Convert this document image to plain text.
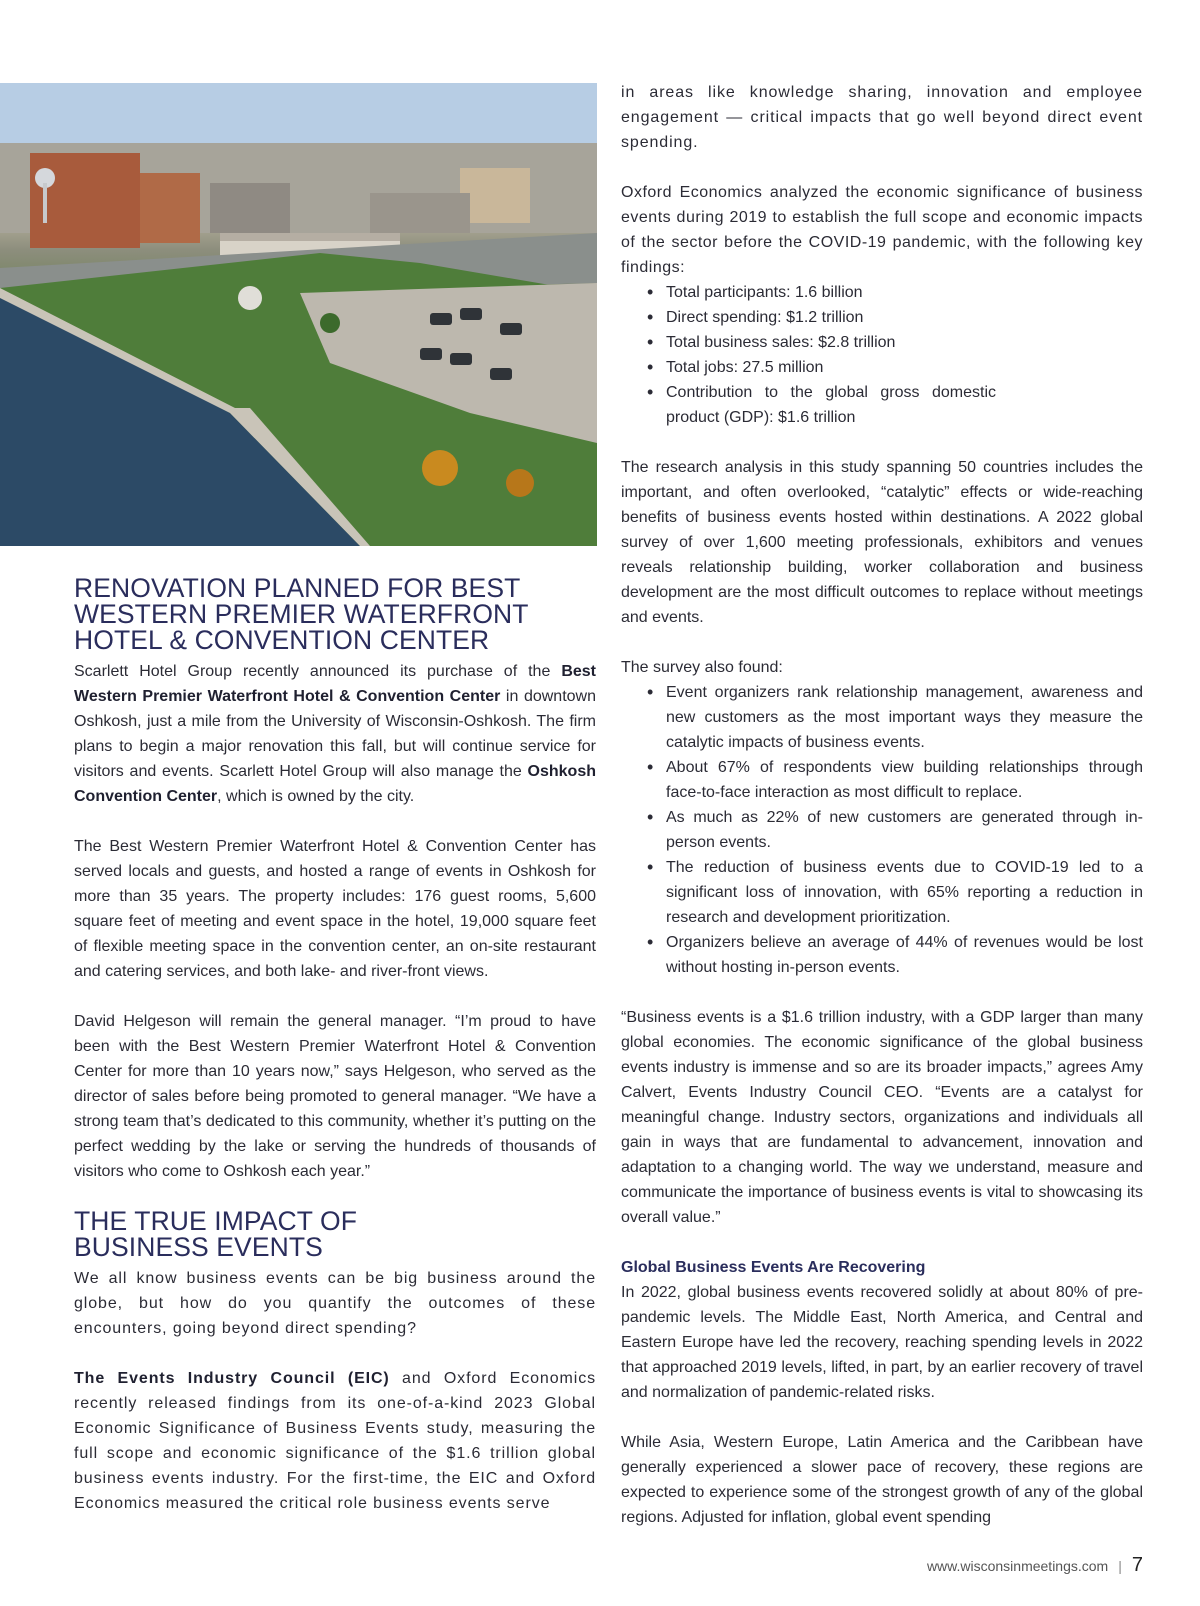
RENOVATION PLANNED FOR BEST
WESTERN PREMIER WATERFRONT
HOTEL & CONVENTION CENTER

Scarlett Hotel Group recently announced its purchase of the Best Western Premier Waterfront Hotel & Convention Center in downtown Oshkosh, just a mile from the University of Wisconsin-Oshkosh. The firm plans to begin a major renovation this fall, but will continue service for visitors and events. Scarlett Hotel Group will also manage the Oshkosh Convention Center, which is owned by the city.

The Best Western Premier Waterfront Hotel & Convention Center has served locals and guests, and hosted a range of events in Oshkosh for more than 35 years. The property includes: 176 guest rooms, 5,600 square feet of meeting and event space in the hotel, 19,000 square feet of flexible meeting space in the convention center, an on-site restaurant and catering services, and both lake- and river-front views.

David Helgeson will remain the general manager. “I’m proud to have been with the Best Western Premier Waterfront Hotel & Convention Center for more than 10 years now,” says Helgeson, who served as the director of sales before being promoted to general manager. “We have a strong team that’s dedicated to this community, whether it’s putting on the perfect wedding by the lake or serving the hundreds of thousands of visitors who come to Oshkosh each year.”

THE TRUE IMPACT OF
BUSINESS EVENTS

We all know business events can be big business around the globe, but how do you quantify the outcomes of these encounters, going beyond direct spending?

The Events Industry Council (EIC) and Oxford Economics recently released findings from its one-of-a-kind 2023 Global Economic Significance of Business Events study, measuring the full scope and economic significance of the $1.6 trillion global business events industry. For the first-time, the EIC and Oxford Economics measured the critical role business events serve

in areas like knowledge sharing, innovation and employee engagement — critical impacts that go well beyond direct event spending.

Oxford Economics analyzed the economic significance of business events during 2019 to establish the full scope and economic impacts of the sector before the COVID-19 pandemic, with the following key findings:

• Total participants: 1.6 billion
• Direct spending: $1.2 trillion
• Total business sales: $2.8 trillion
• Total jobs: 27.5 million
• Contribution to the global gross domestic product (GDP): $1.6 trillion

The research analysis in this study spanning 50 countries includes the important, and often overlooked, “catalytic” effects or wide-reaching benefits of business events hosted within destinations. A 2022 global survey of over 1,600 meeting professionals, exhibitors and venues reveals relationship building, worker collaboration and business development are the most difficult outcomes to replace without meetings and events.

The survey also found:

• Event organizers rank relationship management, awareness and new customers as the most important ways they measure the catalytic impacts of business events.
• About 67% of respondents view building relationships through face-to-face interaction as most difficult to replace.
• As much as 22% of new customers are generated through in-person events.
• The reduction of business events due to COVID-19 led to a significant loss of innovation, with 65% reporting a reduction in research and development prioritization.
• Organizers believe an average of 44% of revenues would be lost without hosting in-person events.

“Business events is a $1.6 trillion industry, with a GDP larger than many global economies. The economic significance of the global business events industry is immense and so are its broader impacts,” agrees Amy Calvert, Events Industry Council CEO. “Events are a catalyst for meaningful change. Industry sectors, organizations and individuals all gain in ways that are fundamental to advancement, innovation and adaptation to a changing world. The way we understand, measure and communicate the importance of business events is vital to showcasing its overall value.”

Global Business Events Are Recovering

In 2022, global business events recovered solidly at about 80% of pre-pandemic levels. The Middle East, North America, and Central and Eastern Europe have led the recovery, reaching spending levels in 2022 that approached 2019 levels, lifted, in part, by an earlier recovery of travel and normalization of pandemic-related risks.

While Asia, Western Europe, Latin America and the Caribbean have generally experienced a slower pace of recovery, these regions are expected to experience some of the strongest growth of any of the global regions. Adjusted for inflation, global event spending

www.wisconsinmeetings.com | 7
